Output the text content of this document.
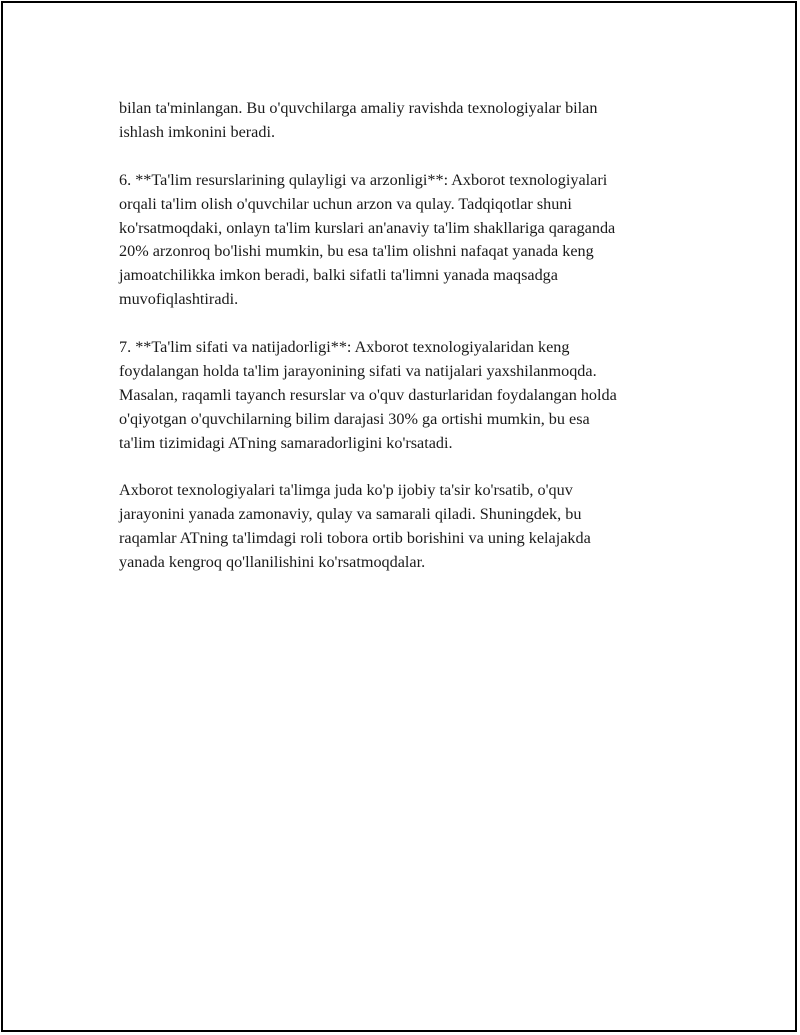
bilan ta'minlangan. Bu o'quvchilarga amaliy ravishda texnologiyalar bilan
ishlash imkonini beradi.

6. **Ta'lim resurslarining qulayligi va arzonligi**: Axborot texnologiyalari
orqali ta'lim olish o'quvchilar uchun arzon va qulay. Tadqiqotlar shuni
ko'rsatmoqdaki, onlayn ta'lim kurslari an'anaviy ta'lim shakllariga qaraganda
20% arzonroq bo'lishi mumkin, bu esa ta'lim olishni nafaqat yanada keng
jamoatchilikka imkon beradi, balki sifatli ta'limni yanada maqsadga
muvofiqlashtiradi.

7. **Ta'lim sifati va natijadorligi**: Axborot texnologiyalaridan keng
foydalangan holda ta'lim jarayonining sifati va natijalari yaxshilanmoqda.
Masalan, raqamli tayanch resurslar va o'quv dasturlaridan foydalangan holda
o'qiyotgan o'quvchilarning bilim darajasi 30% ga ortishi mumkin, bu esa
ta'lim tizimidagi ATning samaradorligini ko'rsatadi.

Axborot texnologiyalari ta'limga juda ko'p ijobiy ta'sir ko'rsatib, o'quv
jarayonini yanada zamonaviy, qulay va samarali qiladi. Shuningdek, bu
raqamlar ATning ta'limdagi roli tobora ortib borishini va uning kelajakda
yanada kengroq qo'llanilishini ko'rsatmoqdalar.
